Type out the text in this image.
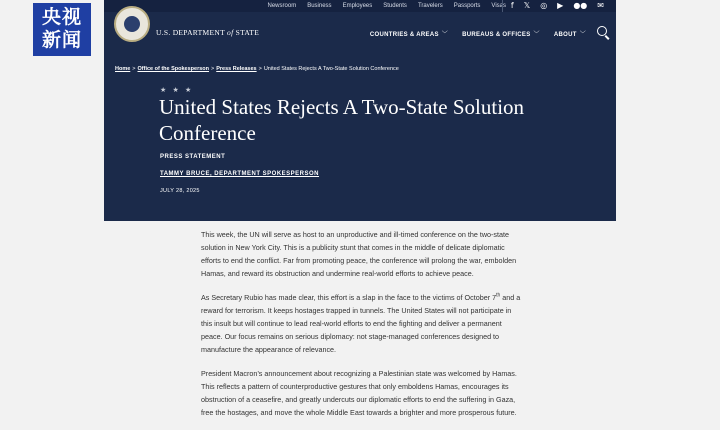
央视
新闻
Newsroom Business Employees Students Travelers Passports Visas f 𝕏 ◎ ▶ ●● ✉
U.S. DEPARTMENT of STATE	COUNTRIES & AREAS ﹀ BUREAUS & OFFICES ﹀ ABOUT ﹀
Home > Office of the Spokesperson > Press Releases > United States Rejects A Two-State Solution Conference
★ ★ ★
United States Rejects A Two-State Solution Conference
PRESS STATEMENT
TAMMY BRUCE, DEPARTMENT SPOKESPERSON
JULY 28, 2025

This week, the UN will serve as host to an unproductive and ill-timed conference on the two-state solution in New York City. This is a publicity stunt that comes in the middle of delicate diplomatic efforts to end the conflict. Far from promoting peace, the conference will prolong the war, embolden Hamas, and reward its obstruction and undermine real-world efforts to achieve peace.

As Secretary Rubio has made clear, this effort is a slap in the face to the victims of October 7th and a reward for terrorism. It keeps hostages trapped in tunnels. The United States will not participate in this insult but will continue to lead real-world efforts to end the fighting and deliver a permanent peace. Our focus remains on serious diplomacy: not stage-managed conferences designed to manufacture the appearance of relevance.

President Macron’s announcement about recognizing a Palestinian state was welcomed by Hamas. This reflects a pattern of counterproductive gestures that only emboldens Hamas, encourages its obstruction of a ceasefire, and greatly undercuts our diplomatic efforts to end the suffering in Gaza, free the hostages, and move the whole Middle East towards a brighter and more prosperous future.
